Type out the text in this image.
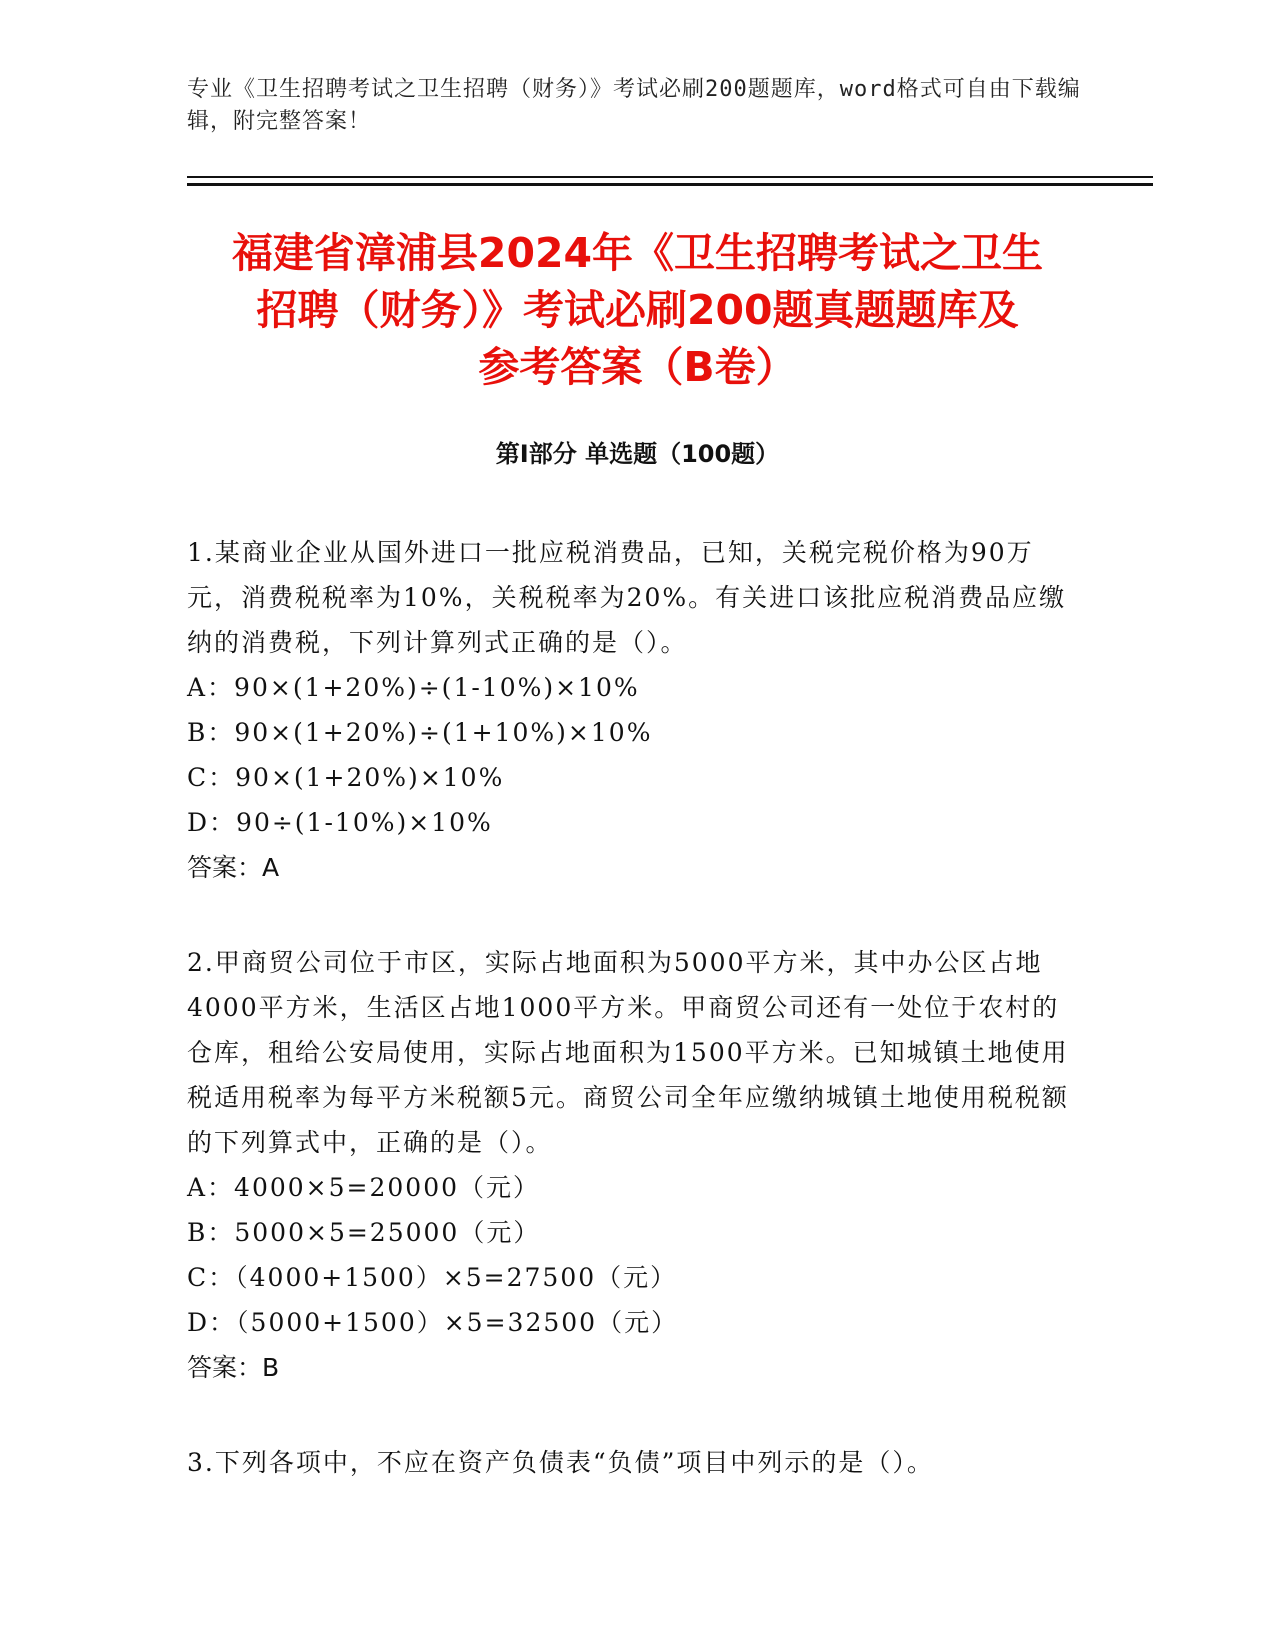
专业《卫生招聘考试之卫生招聘（财务）》考试必刷200题题库，word格式可自由下载编辑，附完整答案！
福建省漳浦县2024年《卫生招聘考试之卫生
招聘（财务）》考试必刷200题真题题库及
参考答案（B卷）
第Ⅰ部分 单选题（100题）

1.某商业企业从国外进口一批应税消费品，已知，关税完税价格为90万元，消费税税率为10%，关税税率为20%。有关进口该批应税消费品应缴纳的消费税，下列计算列式正确的是（）。

A：90×(1+20%)÷(1-10%)×10%

B：90×(1+20%)÷(1+10%)×10%

C：90×(1+20%)×10%

D：90÷(1-10%)×10%

答案：A

2.甲商贸公司位于市区，实际占地面积为5000平方米，其中办公区占地4000平方米，生活区占地1000平方米。甲商贸公司还有一处位于农村的仓库，租给公安局使用，实际占地面积为1500平方米。已知城镇土地使用税适用税率为每平方米税额5元。商贸公司全年应缴纳城镇土地使用税税额的下列算式中，正确的是（）。

A：4000×5=20000（元）

B：5000×5=25000（元）

C：（4000+1500）×5=27500（元）

D：（5000+1500）×5=32500（元）

答案：B

3.下列各项中，不应在资产负债表“负债”项目中列示的是（）。
